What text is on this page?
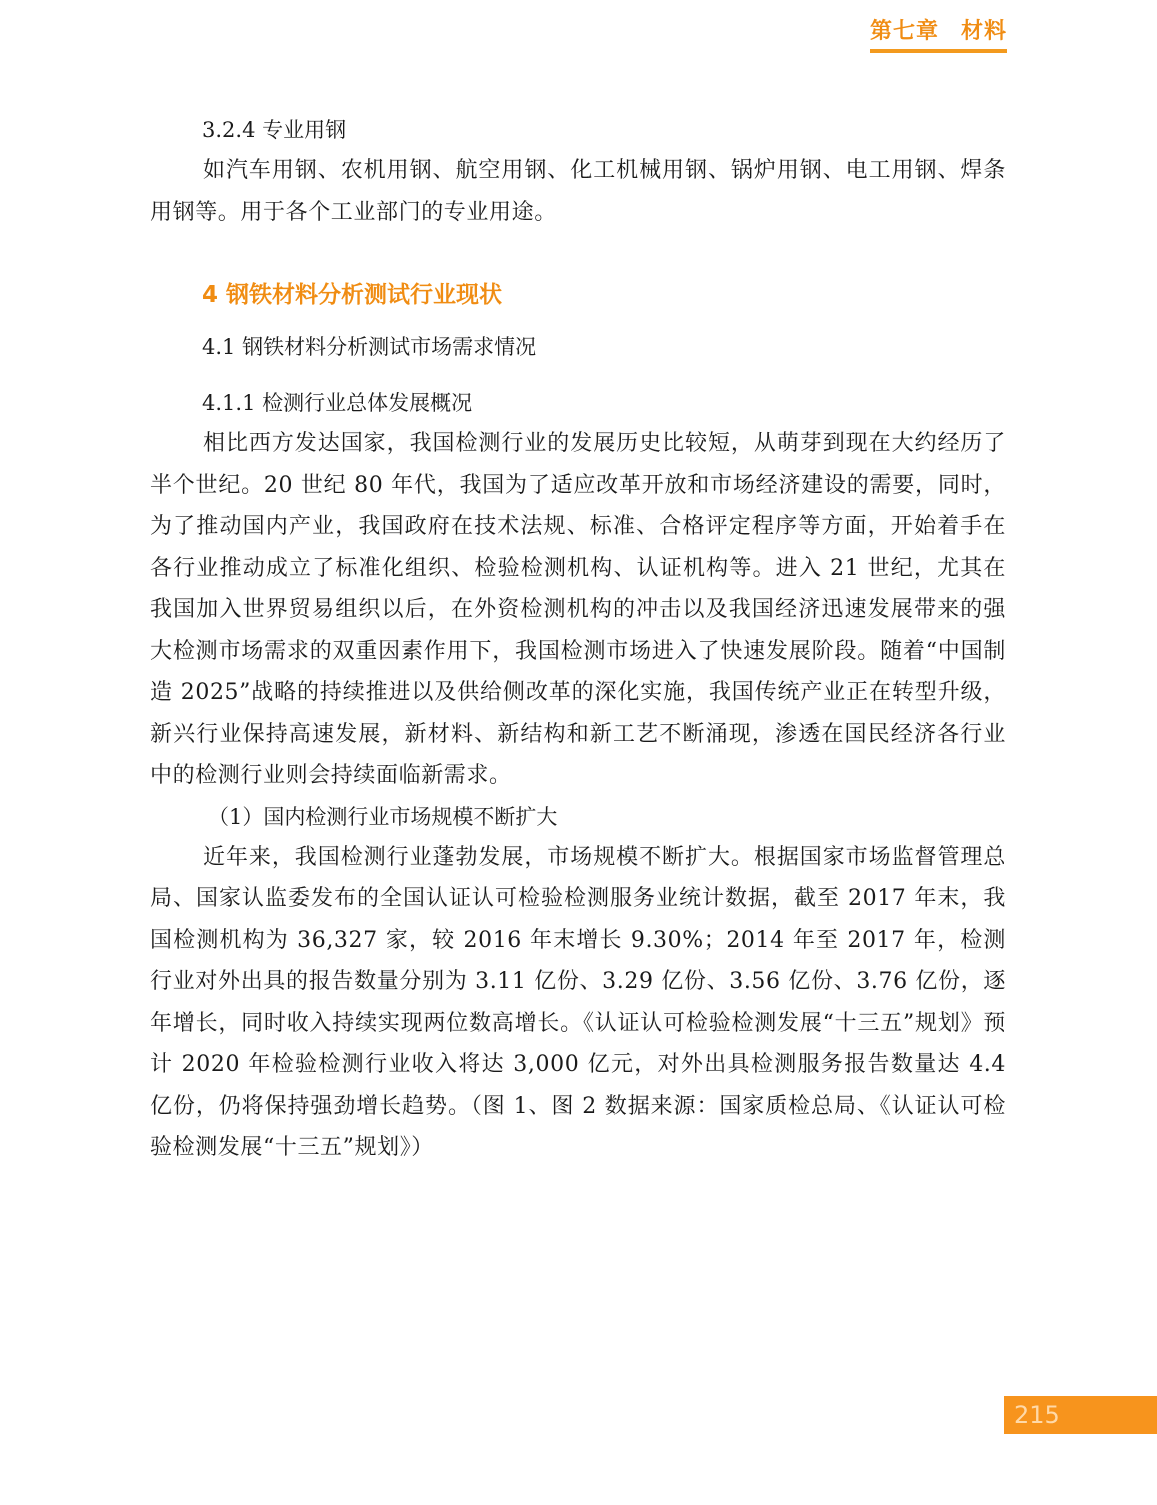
第七章 材料

3.2.4 专业用钢

如汽车用钢、农机用钢、航空用钢、化工机械用钢、锅炉用钢、电工用钢、焊条用钢等。用于各个工业部门的专业用途。

4 钢铁材料分析测试行业现状

4.1 钢铁材料分析测试市场需求情况

4.1.1 检测行业总体发展概况

相比西方发达国家，我国检测行业的发展历史比较短，从萌芽到现在大约经历了半个世纪。20 世纪 80 年代，我国为了适应改革开放和市场经济建设的需要，同时，为了推动国内产业，我国政府在技术法规、标准、合格评定程序等方面，开始着手在各行业推动成立了标准化组织、检验检测机构、认证机构等。进入 21 世纪，尤其在我国加入世界贸易组织以后，在外资检测机构的冲击以及我国经济迅速发展带来的强大检测市场需求的双重因素作用下，我国检测市场进入了快速发展阶段。随着“中国制造 2025”战略的持续推进以及供给侧改革的深化实施，我国传统产业正在转型升级，新兴行业保持高速发展，新材料、新结构和新工艺不断涌现，渗透在国民经济各行业中的检测行业则会持续面临新需求。

（1）国内检测行业市场规模不断扩大

近年来，我国检测行业蓬勃发展，市场规模不断扩大。根据国家市场监督管理总局、国家认监委发布的全国认证认可检验检测服务业统计数据，截至 2017 年末，我国检测机构为 36,327 家，较 2016 年末增长 9.30%；2014 年至 2017 年，检测行业对外出具的报告数量分别为 3.11 亿份、3.29 亿份、3.56 亿份、3.76 亿份，逐年增长，同时收入持续实现两位数高增长。《认证认可检验检测发展“十三五”规划》预计 2020 年检验检测行业收入将达 3,000 亿元，对外出具检测服务报告数量达 4.4 亿份，仍将保持强劲增长趋势。（图 1、图 2 数据来源：国家质检总局、《认证认可检验检测发展“十三五”规划》）

215
